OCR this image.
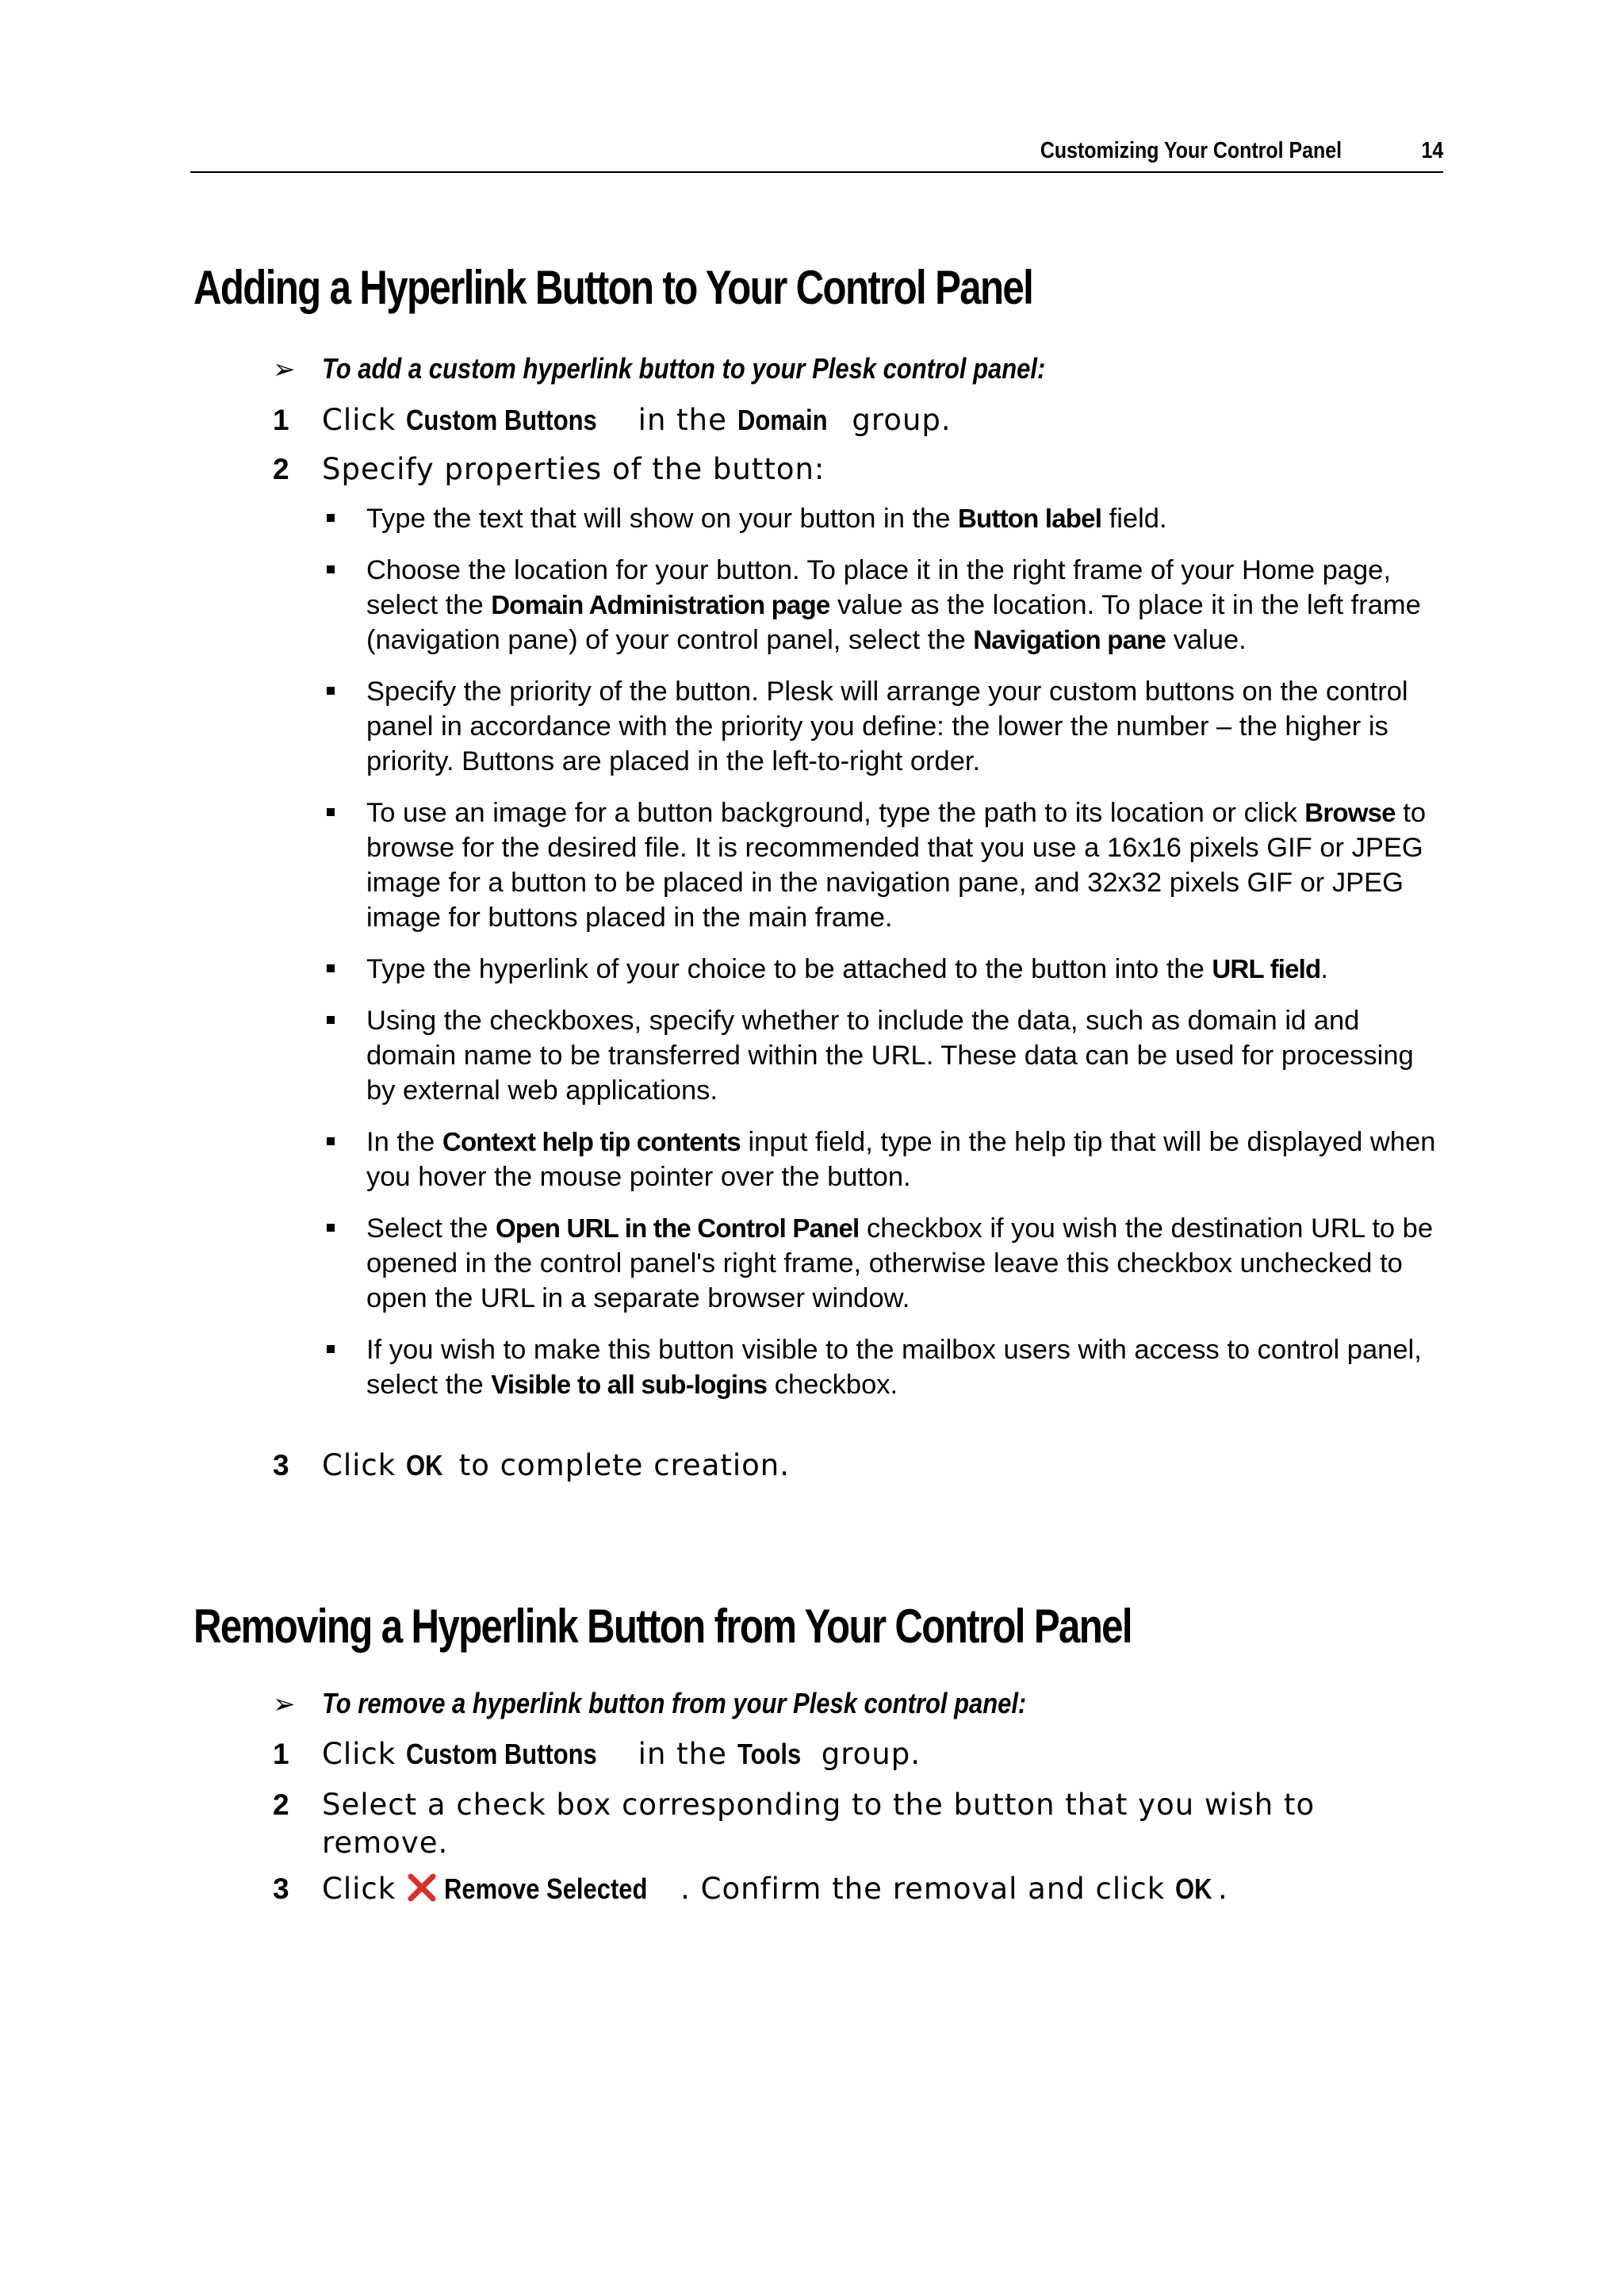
Customizing Your Control Panel	14
Adding a Hyperlink Button to Your Control Panel
➢ To add a custom hyperlink button to your Plesk control panel:
1 Click Custom Buttons in the Domain group.
2 Specify properties of the button:
Type the text that will show on your button in the Button label field.
Choose the location for your button. To place it in the right frame of your Home page, select the Domain Administration page value as the location. To place it in the left frame (navigation pane) of your control panel, select the Navigation pane value.
Specify the priority of the button. Plesk will arrange your custom buttons on the control panel in accordance with the priority you define: the lower the number – the higher is priority. Buttons are placed in the left-to-right order.
To use an image for a button background, type the path to its location or click Browse to browse for the desired file. It is recommended that you use a 16x16 pixels GIF or JPEG image for a button to be placed in the navigation pane, and 32x32 pixels GIF or JPEG image for buttons placed in the main frame.
Type the hyperlink of your choice to be attached to the button into the URL field.
Using the checkboxes, specify whether to include the data, such as domain id and domain name to be transferred within the URL. These data can be used for processing by external web applications.
In the Context help tip contents input field, type in the help tip that will be displayed when you hover the mouse pointer over the button.
Select the Open URL in the Control Panel checkbox if you wish the destination URL to be opened in the control panel's right frame, otherwise leave this checkbox unchecked to open the URL in a separate browser window.
If you wish to make this button visible to the mailbox users with access to control panel, select the Visible to all sub-logins checkbox.
3 Click OK to complete creation.
Removing a Hyperlink Button from Your Control Panel
➢ To remove a hyperlink button from your Plesk control panel:
1 Click Custom Buttons in the Tools group.
2 Select a check box corresponding to the button that you wish to
remove.
3 Click Remove Selected . Confirm the removal and click OK .
